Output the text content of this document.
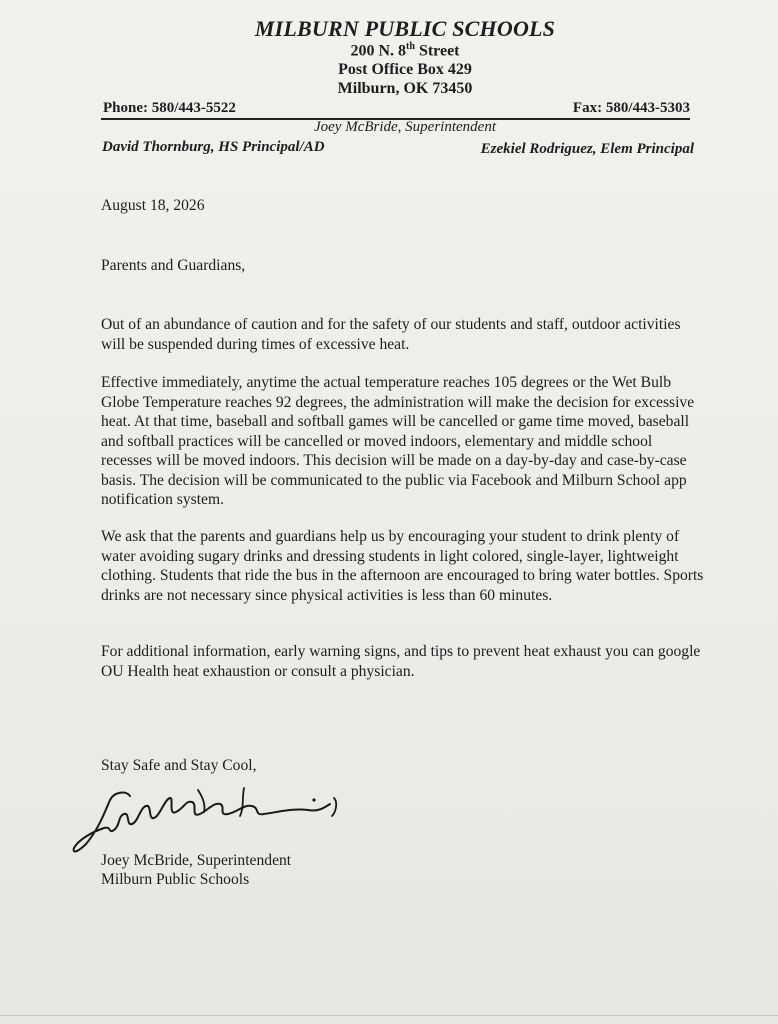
MILBURN PUBLIC SCHOOLS
200 N. 8th Street
Post Office Box 429
Milburn, OK 73450
Phone: 580/443-5522	Fax: 580/443-5303
Joey McBride, Superintendent
David Thornburg, HS Principal/AD	Ezekiel Rodriguez, Elem Principal
August 18, 2026
Parents and Guardians,
Out of an abundance of caution and for the safety of our students and staff, outdoor activities will be suspended during times of excessive heat.
Effective immediately, anytime the actual temperature reaches 105 degrees or the Wet Bulb Globe Temperature reaches 92 degrees, the administration will make the decision for excessive heat. At that time, baseball and softball games will be cancelled or game time moved, baseball and softball practices will be cancelled or moved indoors, elementary and middle school recesses will be moved indoors. This decision will be made on a day-by-day and case-by-case basis. The decision will be communicated to the public via Facebook and Milburn School app notification system.
We ask that the parents and guardians help us by encouraging your student to drink plenty of water avoiding sugary drinks and dressing students in light colored, single-layer, lightweight clothing. Students that ride the bus in the afternoon are encouraged to bring water bottles. Sports drinks are not necessary since physical activities is less than 60 minutes.
For additional information, early warning signs, and tips to prevent heat exhaust you can google OU Health heat exhaustion or consult a physician.
Stay Safe and Stay Cool,
Joey McBride, Superintendent
Milburn Public Schools
